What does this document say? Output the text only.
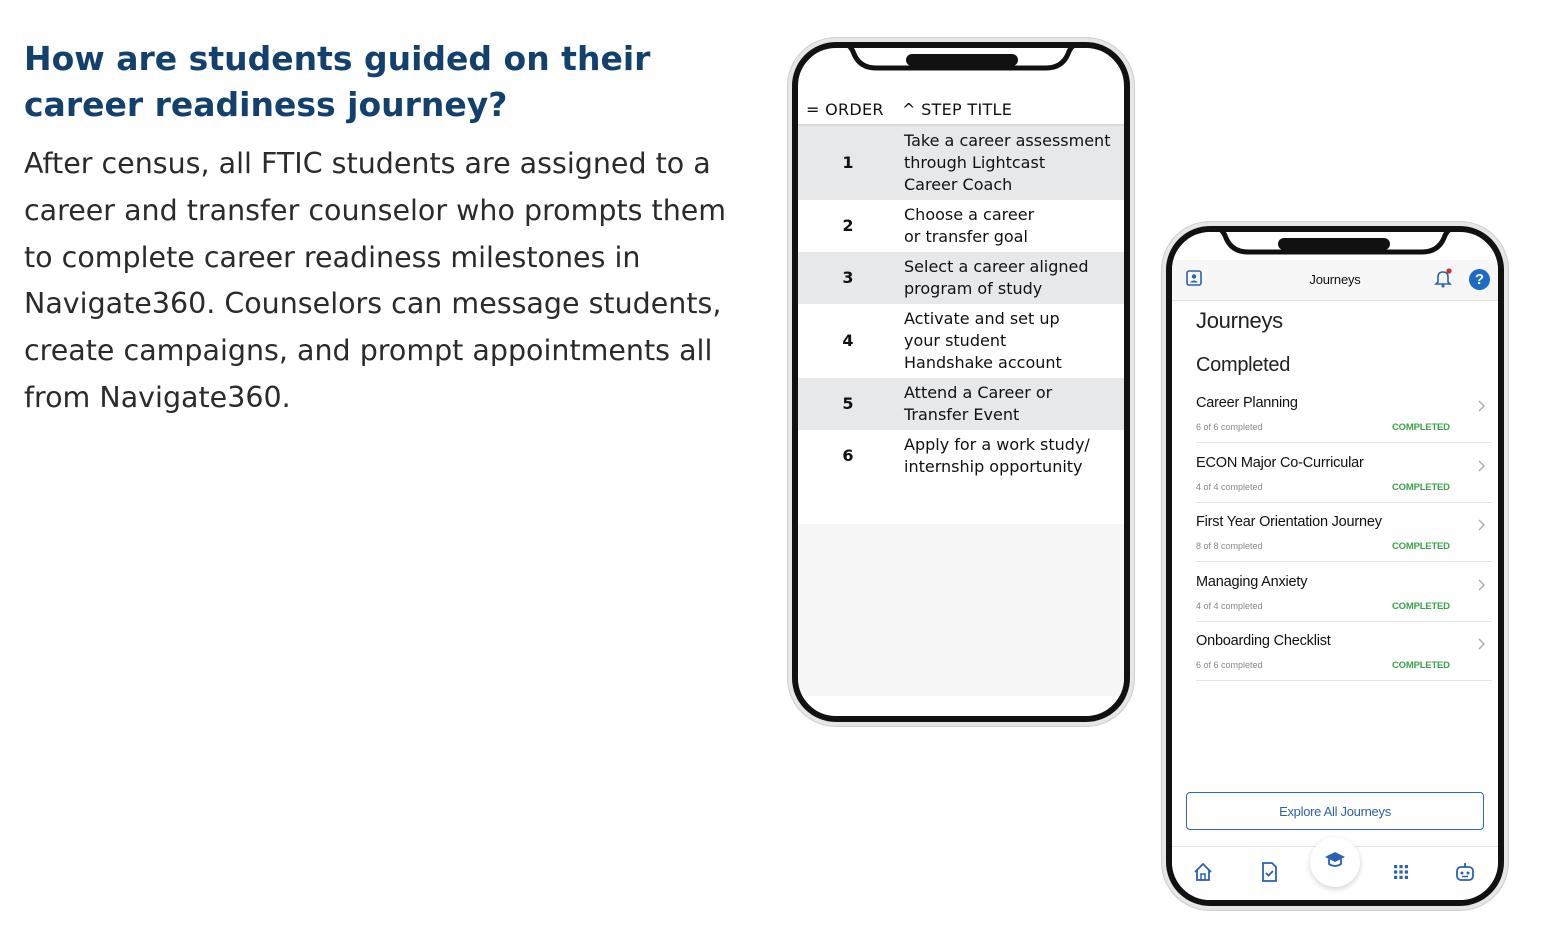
How are students guided on their career readiness journey?

After census, all FTIC students are assigned to a career and transfer counselor who prompts them to complete career readiness milestones in Navigate360. Counselors can message students, create campaigns, and prompt appointments all from Navigate360.

= ORDER ^ STEP TITLE
1
Take a career assessment
through Lightcast
Career Coach
2
Choose a career
or transfer goal
3
Select a career aligned
program of study
4
Activate and set up
your student
Handshake account
5
Attend a Career or
Transfer Event
6
Apply for a work study/
internship opportunity
Journeys	?
Journeys
Completed
Career Planning
6 of 6 completed	COMPLETED
ECON Major Co-Curricular
4 of 4 completed	COMPLETED
First Year Orientation Journey
8 of 8 completed	COMPLETED
Managing Anxiety
4 of 4 completed	COMPLETED
Onboarding Checklist
6 of 6 completed	COMPLETED
Explore All Journeys
